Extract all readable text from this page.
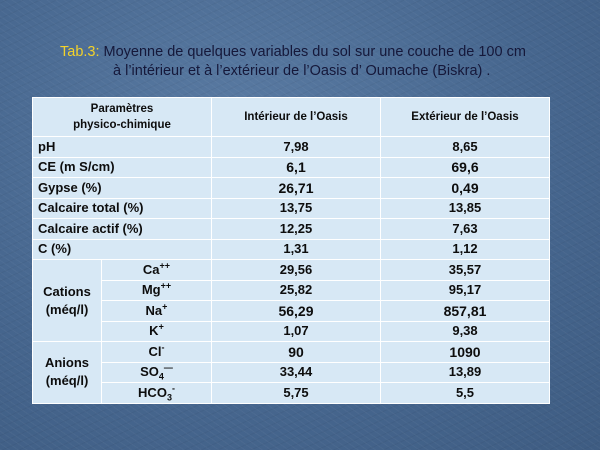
Tab.3: Moyenne de quelques variables du sol sur une couche de 100 cm
à l’intérieur et à l’extérieur de l’Oasis d’ Oumache (Biskra) .
Paramètres
physico-chimique		Intérieur de l’Oasis	Extérieur de l’Oasis
pH		7,98	8,65
CE (m S/cm)		6,1	69,6
Gypse (%)		26,71	0,49
Calcaire total (%)		13,75	13,85
Calcaire actif (%)		12,25	7,63
C (%)		1,31	1,12
Cations
(méq/l)	Ca++	29,56	35,57
	Mg++	25,82	95,17
	Na+	56,29	857,81
	K+	1,07	9,38
Anions
(méq/l)	Cl-	90	1090
	$SO_4^—$	33,44	13,89
	$HCO_3^-$	5,75	5,5
